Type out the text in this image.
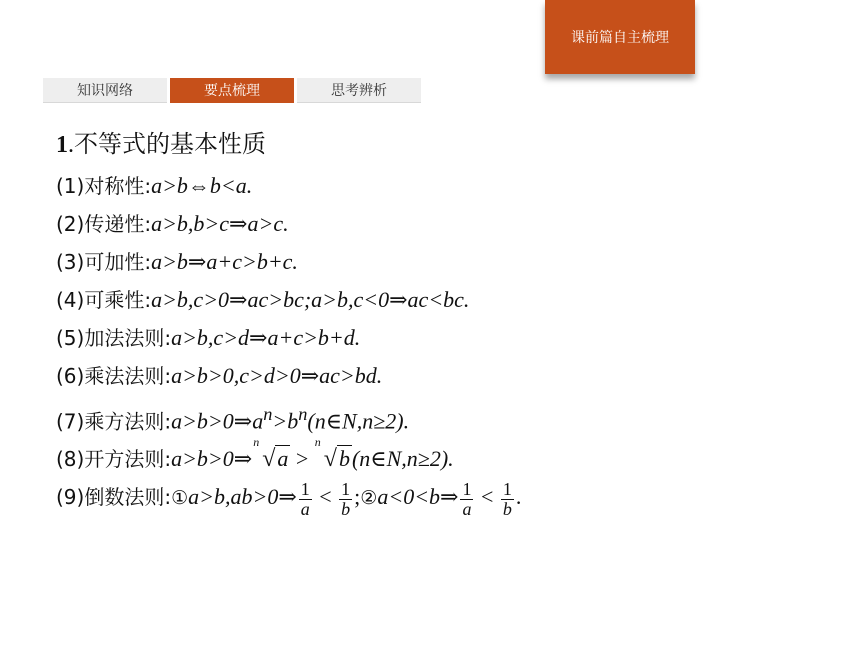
课前篇自主梳理
知识网络	要点梳理	思考辨析
1.不等式的基本性质
(1)对称性:a>b⇔b<a.
(2)传递性:a>b,b>c⇒a>c.
(3)可加性:a>b⇒a+c>b+c.
(4)可乘性:a>b,c>0⇒ac>bc;a>b,c<0⇒ac<bc.
(5)加法法则:a>b,c>d⇒a+c>b+d.
(6)乘法法则:a>b>0,c>d>0⇒ac>bd.
(7)乘方法则$:a>b>0\Rightarrow a^n>b^n(n\in N,n\ge 2)$.
(8)开方法则:a>b>0⇒
n
√a >
n
√b(n∈N,n≥2).
(9)倒数法则:①a>b,ab>0⇒ $\frac{1}{a} < \frac{1}{b}$ ;②a<0<b⇒ $\frac{1}{a} < \frac{1}{b}$ .
